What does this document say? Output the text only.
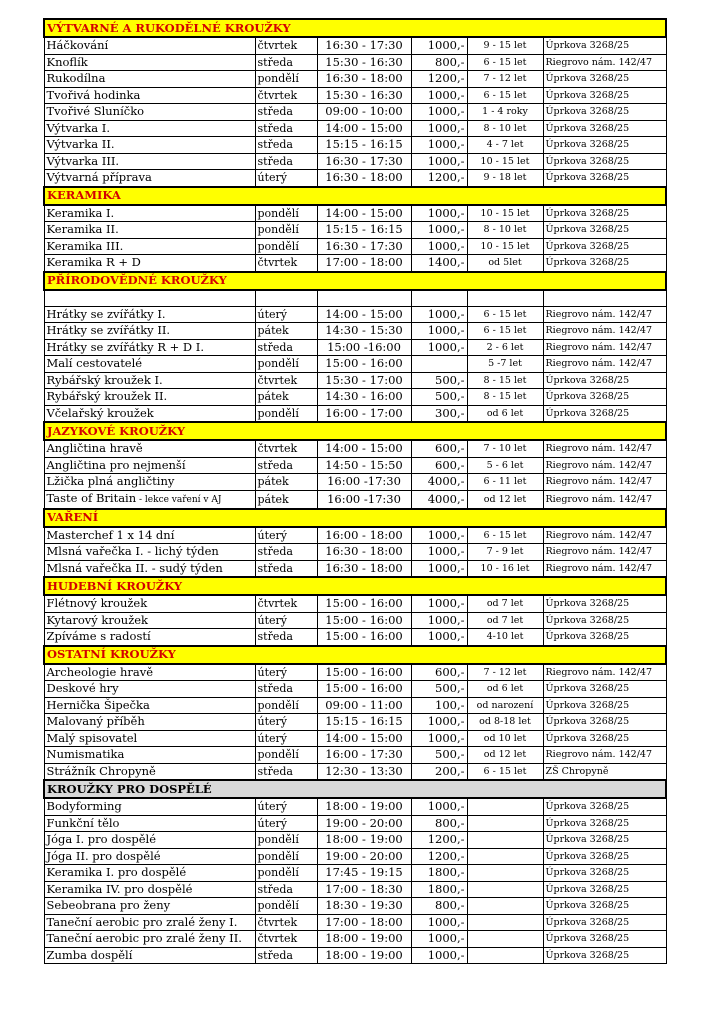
VÝTVARNÉ A RUKODĚLNÉ KROUŽKY					
Háčkování	čtvrtek	16:30 - 17:30	1000,-	9 - 15 let	Úprkova 3268/25
Knoflík	středa	15:30 - 16:30	800,-	6 - 15 let	Riegrovo nám. 142/47
Rukodílna	pondělí	16:30 - 18:00	1200,-	7 - 12 let	Úprkova 3268/25
Tvořivá hodinka	čtvrtek	15:30 - 16:30	1000,-	6 - 15 let	Úprkova 3268/25
Tvořivé Sluníčko	středa	09:00 - 10:00	1000,-	1 - 4 roky	Úprkova 3268/25
Výtvarka I.	středa	14:00 - 15:00	1000,-	8 - 10 let	Úprkova 3268/25
Výtvarka II.	středa	15:15 - 16:15	1000,-	4 - 7 let	Úprkova 3268/25
Výtvarka III.	středa	16:30 - 17:30	1000,-	10 - 15 let	Úprkova 3268/25
Výtvarná příprava	úterý	16:30 - 18:00	1200,-	9 - 18 let	Úprkova 3268/25
KERAMIKA					
Keramika I.	pondělí	14:00 - 15:00	1000,-	10 - 15 let	Úprkova 3268/25
Keramika II.	pondělí	15:15 - 16:15	1000,-	8 - 10 let	Úprkova 3268/25
Keramika III.	pondělí	16:30 - 17:30	1000,-	10 - 15 let	Úprkova 3268/25
Keramika R + D	čtvrtek	17:00 - 18:00	1400,-	od 5let	Úprkova 3268/25
PŘÍRODOVĚDNÉ KROUŽKY					

Hrátky se zvířátky I.	úterý	14:00 - 15:00	1000,-	6 - 15 let	Riegrovo nám. 142/47
Hrátky se zvířátky II.	pátek	14:30 - 15:30	1000,-	6 - 15 let	Riegrovo nám. 142/47
Hrátky se zvířátky R + D I.	středa	15:00 -16:00	1000,-	2 - 6 let	Riegrovo nám. 142/47
Malí cestovatelé	pondělí	15:00 - 16:00		5 -7 let	Riegrovo nám. 142/47
Rybářský kroužek I.	čtvrtek	15:30 - 17:00	500,-	8 - 15 let	Úprkova 3268/25
Rybářský kroužek II.	pátek	14:30 - 16:00	500,-	8 - 15 let	Úprkova 3268/25
Včelařský kroužek	pondělí	16:00 - 17:00	300,-	od 6 let	Úprkova 3268/25
JAZYKOVÉ KROUŽKY					
Angličtina hravě	čtvrtek	14:00 - 15:00	600,-	7 - 10 let	Riegrovo nám. 142/47
Angličtina pro nejmenší	středa	14:50 - 15:50	600,-	5 - 6 let	Riegrovo nám. 142/47
Lžička plná angličtiny	pátek	16:00 -17:30	4000,-	6 - 11 let	Riegrovo nám. 142/47
Taste of Britain - lekce vaření v AJ	pátek	16:00 -17:30	4000,-	od 12 let	Riegrovo nám. 142/47
VAŘENÍ					
Masterchef 1 x 14 dní	úterý	16:00 - 18:00	1000,-	6 - 15 let	Riegrovo nám. 142/47
Mlsná vařečka I. - lichý týden	středa	16:30 - 18:00	1000,-	7 - 9 let	Riegrovo nám. 142/47
Mlsná vařečka II. - sudý týden	středa	16:30 - 18:00	1000,-	10 - 16 let	Riegrovo nám. 142/47
HUDEBNÍ KROUŽKY					
Flétnový kroužek	čtvrtek	15:00 - 16:00	1000,-	od 7 let	Úprkova 3268/25
Kytarový kroužek	úterý	15:00 - 16:00	1000,-	od 7 let	Úprkova 3268/25
Zpíváme s radostí	středa	15:00 - 16:00	1000,-	4-10 let	Úprkova 3268/25
OSTATNÍ KROUŽKY					
Archeologie hravě	úterý	15:00 - 16:00	600,-	7 - 12 let	Riegrovo nám. 142/47
Deskové hry	středa	15:00 - 16:00	500,-	od 6 let	Úprkova 3268/25
Hernička Šipečka	pondělí	09:00 - 11:00	100,-	od narození	Úprkova 3268/25
Malovaný příběh	úterý	15:15 - 16:15	1000,-	od 8-18 let	Úprkova 3268/25
Malý spisovatel	úterý	14:00 - 15:00	1000,-	od 10 let	Úprkova 3268/25
Numismatika	pondělí	16:00 - 17:30	500,-	od 12 let	Riegrovo nám. 142/47
Strážník Chropyně	středa	12:30 - 13:30	200,-	6 - 15 let	ZŠ Chropyně
KROUŽKY PRO DOSPĚLÉ					
Bodyforming	úterý	18:00 - 19:00	1000,-		Úprkova 3268/25
Funkční tělo	úterý	19:00 - 20:00	800,-		Úprkova 3268/25
Jóga I. pro dospělé	pondělí	18:00 - 19:00	1200,-		Úprkova 3268/25
Jóga II. pro dospělé	pondělí	19:00 - 20:00	1200,-		Úprkova 3268/25
Keramika I. pro dospělé	pondělí	17:45 - 19:15	1800,-		Úprkova 3268/25
Keramika IV. pro dospělé	středa	17:00 - 18:30	1800,-		Úprkova 3268/25
Sebeobrana pro ženy	pondělí	18:30 - 19:30	800,-		Úprkova 3268/25
Taneční aerobic pro zralé ženy I.	čtvrtek	17:00 - 18:00	1000,-		Úprkova 3268/25
Taneční aerobic pro zralé ženy II.	čtvrtek	18:00 - 19:00	1000,-		Úprkova 3268/25
Zumba dospělí	středa	18:00 - 19:00	1000,-		Úprkova 3268/25
